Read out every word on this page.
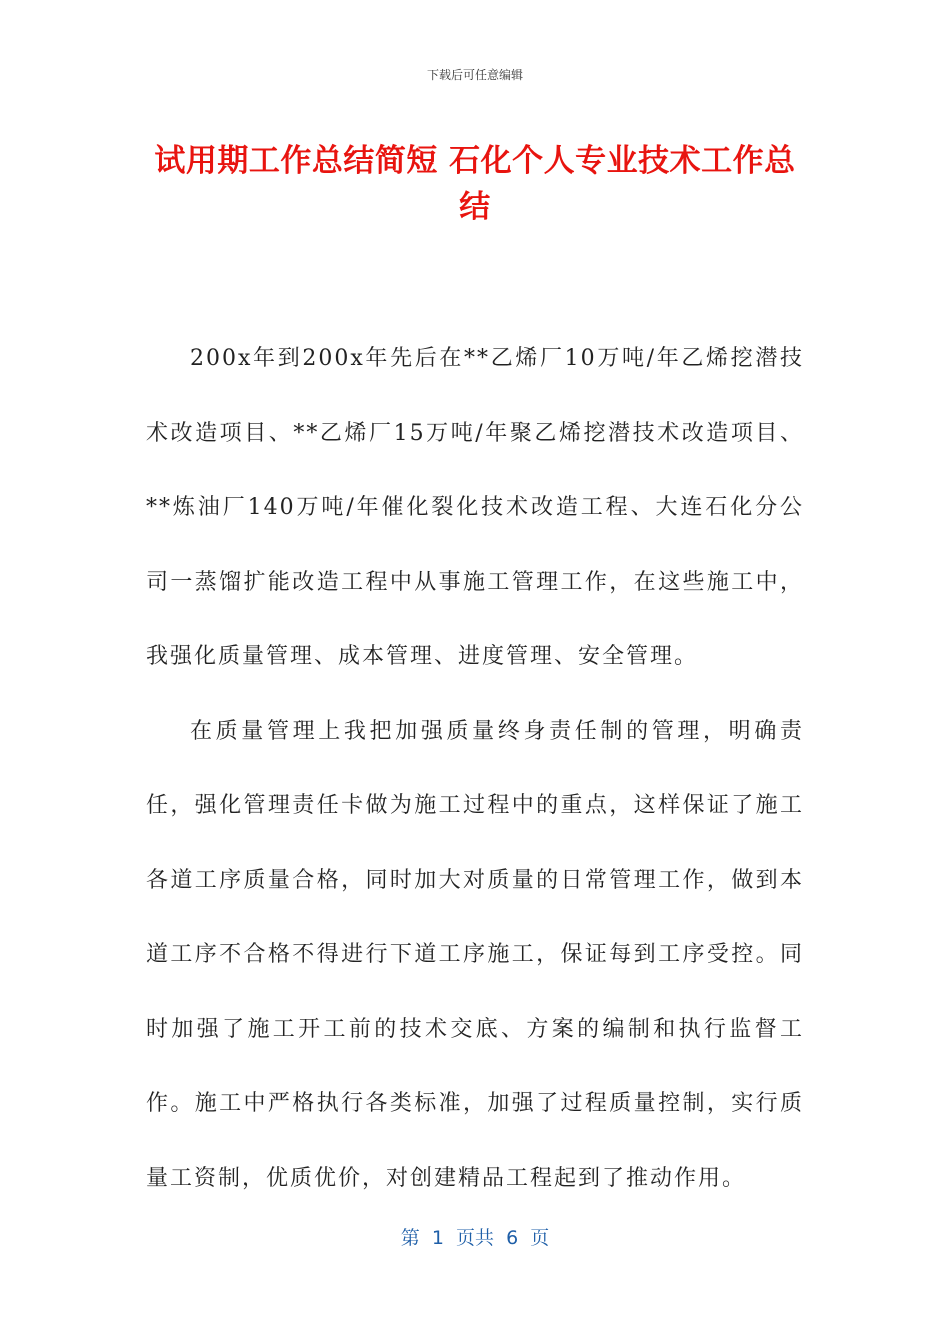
下载后可任意编辑
试用期工作总结简短 石化个人专业技术工作总结

200x年到200x年先后在**乙烯厂10万吨/年乙烯挖潜技术改造项目、**乙烯厂15万吨/年聚乙烯挖潜技术改造项目、**炼油厂140万吨/年催化裂化技术改造工程、大连石化分公司一蒸馏扩能改造工程中从事施工管理工作，在这些施工中，我强化质量管理、成本管理、进度管理、安全管理。

在质量管理上我把加强质量终身责任制的管理，明确责任，强化管理责任卡做为施工过程中的重点，这样保证了施工各道工序质量合格，同时加大对质量的日常管理工作，做到本道工序不合格不得进行下道工序施工，保证每到工序受控。同时加强了施工开工前的技术交底、方案的编制和执行监督工作。施工中严格执行各类标准，加强了过程质量控制，实行质量工资制，优质优价，对创建精品工程起到了推动作用。

第  1  页共  6  页
